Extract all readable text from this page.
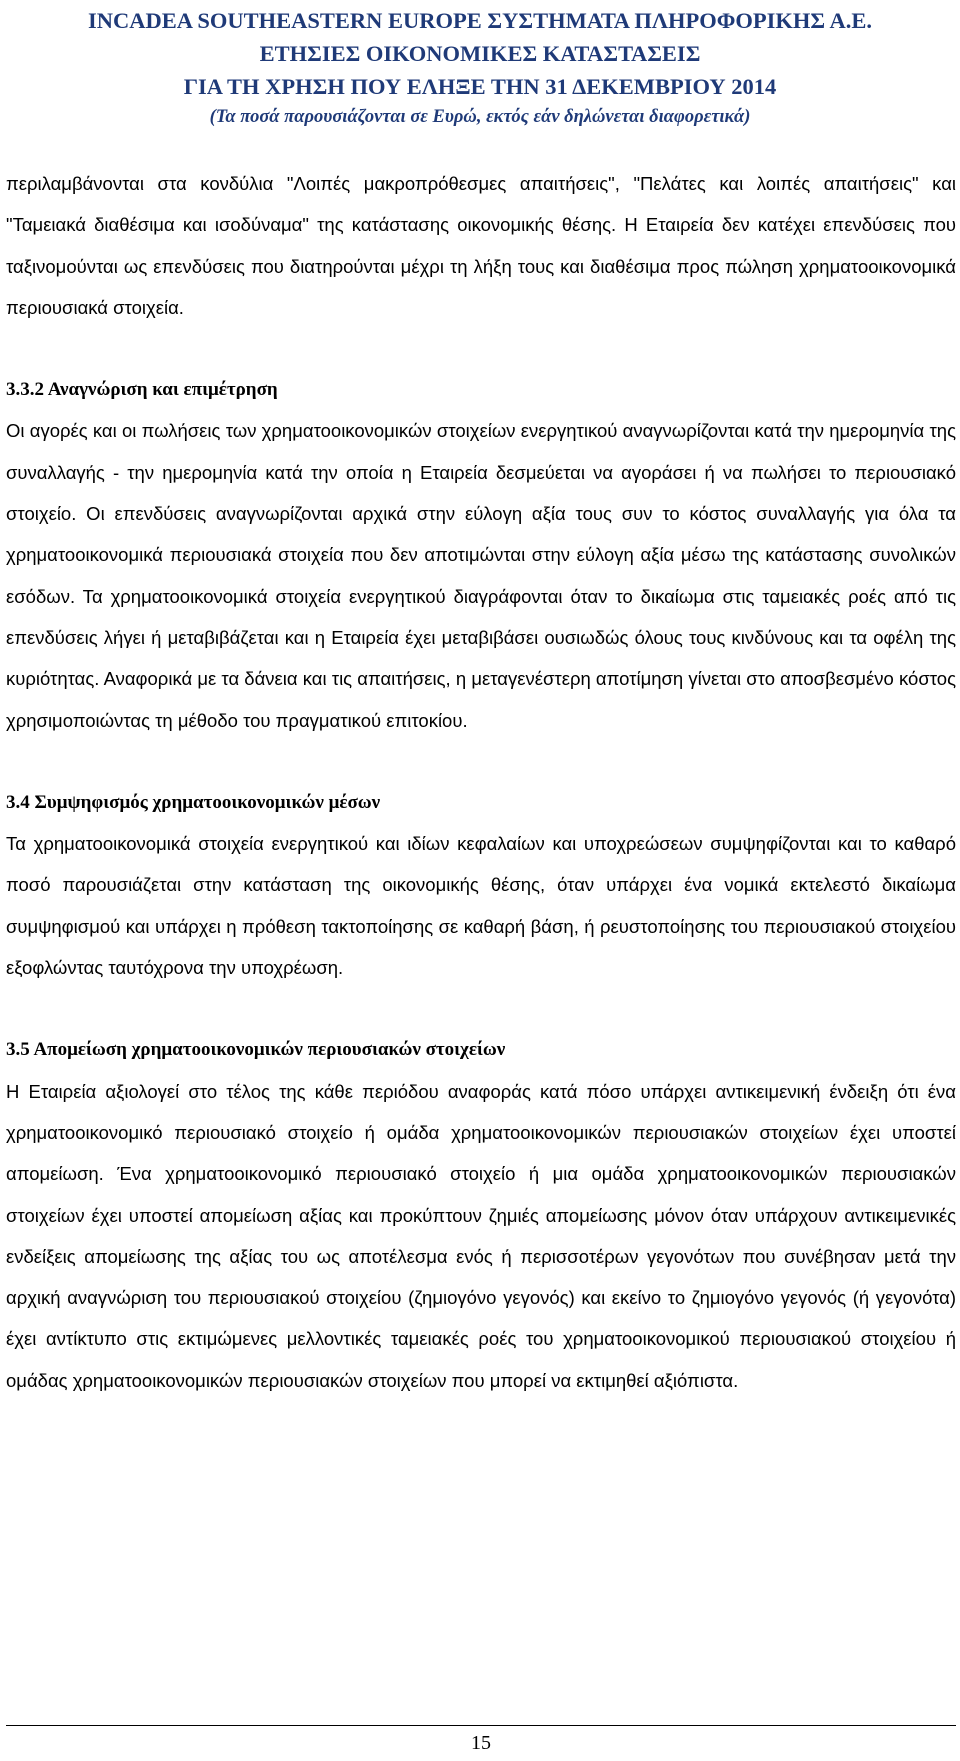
INCADEA SOUTHEASTERN EUROPE ΣΥΣΤΗΜΑΤΑ ΠΛΗΡΟΦΟΡΙΚΗΣ Α.Ε.
ΕΤΗΣΙΕΣ ΟΙΚΟΝΟΜΙΚΕΣ ΚΑΤΑΣΤΑΣΕΙΣ
ΓΙΑ ΤΗ ΧΡΗΣΗ ΠΟΥ ΕΛΗΞΕ ΤΗΝ 31 ΔΕΚΕΜΒΡΙΟΥ 2014
(Τα ποσά παρουσιάζονται σε Ευρώ, εκτός εάν δηλώνεται διαφορετικά)

περιλαμβάνονται στα κονδύλια "Λοιπές μακροπρόθεσμες απαιτήσεις", "Πελάτες και λοιπές απαιτήσεις" και "Ταμειακά διαθέσιμα και ισοδύναμα" της κατάστασης οικονομικής θέσης. Η Εταιρεία δεν κατέχει επενδύσεις που ταξινομούνται ως επενδύσεις που διατηρούνται μέχρι τη λήξη τους και διαθέσιμα προς πώληση χρηματοοικονομικά περιουσιακά στοιχεία.

3.3.2 Αναγνώριση και επιμέτρηση

Οι αγορές και οι πωλήσεις των χρηματοοικονομικών στοιχείων ενεργητικού αναγνωρίζονται κατά την ημερομηνία της συναλλαγής - την ημερομηνία κατά την οποία η Εταιρεία δεσμεύεται να αγοράσει ή να πωλήσει το περιουσιακό στοιχείο. Οι επενδύσεις αναγνωρίζονται αρχικά στην εύλογη αξία τους συν το κόστος συναλλαγής για όλα τα χρηματοοικονομικά περιουσιακά στοιχεία που δεν αποτιμώνται στην εύλογη αξία μέσω της κατάστασης συνολικών εσόδων. Τα χρηματοοικονομικά στοιχεία ενεργητικού διαγράφονται όταν το δικαίωμα στις ταμειακές ροές από τις επενδύσεις λήγει ή μεταβιβάζεται και η Εταιρεία έχει μεταβιβάσει ουσιωδώς όλους τους κινδύνους και τα οφέλη της κυριότητας. Αναφορικά με τα δάνεια και τις απαιτήσεις, η μεταγενέστερη αποτίμηση γίνεται στο αποσβεσμένο κόστος χρησιμοποιώντας τη μέθοδο του πραγματικού επιτοκίου.

3.4 Συμψηφισμός χρηματοοικονομικών μέσων

Τα χρηματοοικονομικά στοιχεία ενεργητικού και ιδίων κεφαλαίων και υποχρεώσεων συμψηφίζονται και το καθαρό ποσό παρουσιάζεται στην κατάσταση της οικονομικής θέσης, όταν υπάρχει ένα νομικά εκτελεστό δικαίωμα συμψηφισμού και υπάρχει η πρόθεση τακτοποίησης σε καθαρή βάση, ή ρευστοποίησης του περιουσιακού στοιχείου εξοφλώντας ταυτόχρονα την υποχρέωση.

3.5 Απομείωση χρηματοοικονομικών περιουσιακών στοιχείων

Η Εταιρεία αξιολογεί στο τέλος της κάθε περιόδου αναφοράς κατά πόσο υπάρχει αντικειμενική ένδειξη ότι ένα χρηματοοικονομικό περιουσιακό στοιχείο ή ομάδα χρηματοοικονομικών περιουσιακών στοιχείων έχει υποστεί απομείωση. Ένα χρηματοοικονομικό περιουσιακό στοιχείο ή μια ομάδα χρηματοοικονομικών περιουσιακών στοιχείων έχει υποστεί απομείωση αξίας και προκύπτουν ζημιές απομείωσης μόνον όταν υπάρχουν αντικειμενικές ενδείξεις απομείωσης της αξίας του ως αποτέλεσμα ενός ή περισσοτέρων γεγονότων που συνέβησαν μετά την αρχική αναγνώριση του περιουσιακού στοιχείου (ζημιογόνο γεγονός) και εκείνο το ζημιογόνο γεγονός (ή γεγονότα) έχει αντίκτυπο στις εκτιμώμενες μελλοντικές ταμειακές ροές του χρηματοοικονομικού περιουσιακού στοιχείου ή ομάδας χρηματοοικονομικών περιουσιακών στοιχείων που μπορεί να εκτιμηθεί αξιόπιστα.

15
